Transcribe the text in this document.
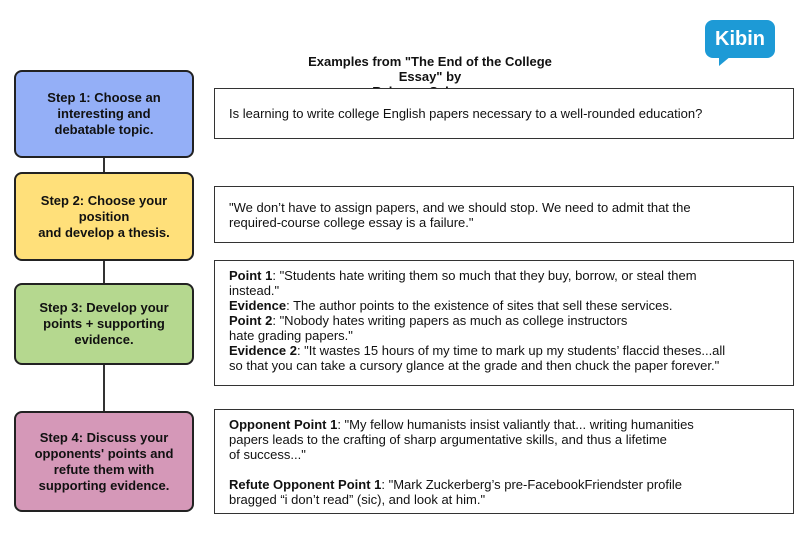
Kibin
Examples from "The End of the College Essay" by

Step 1: Choose an
interesting and
debatable topic.
Step 2: Choose your
position
and develop a thesis.
Step 3: Develop your
points + supporting
evidence.
Step 4: Discuss your
opponents' points and
refute them with
supporting evidence.

Is learning to write college English papers necessary to a well-rounded education?

"We don’t have to assign papers, and we should stop. We need to admit that the

required-course college essay is a failure."

Point 1: "Students hate writing them so much that they buy, borrow, or steal them

instead."

Evidence: The author points to the existence of sites that sell these services.

Point 2: "Nobody hates writing papers as much as college instructors

hate grading papers."

Evidence 2: "It wastes 15 hours of my time to mark up my students’ flaccid theses...all

so that you can take a cursory glance at the grade and then chuck the paper forever."

Opponent Point 1: "My fellow humanists insist valiantly that... writing humanities

papers leads to the crafting of sharp argumentative skills, and thus a lifetime

of success..."

Refute Opponent Point 1: "Mark Zuckerberg’s pre-FacebookFriendster profile

bragged “i don’t read” (sic), and look at him."
